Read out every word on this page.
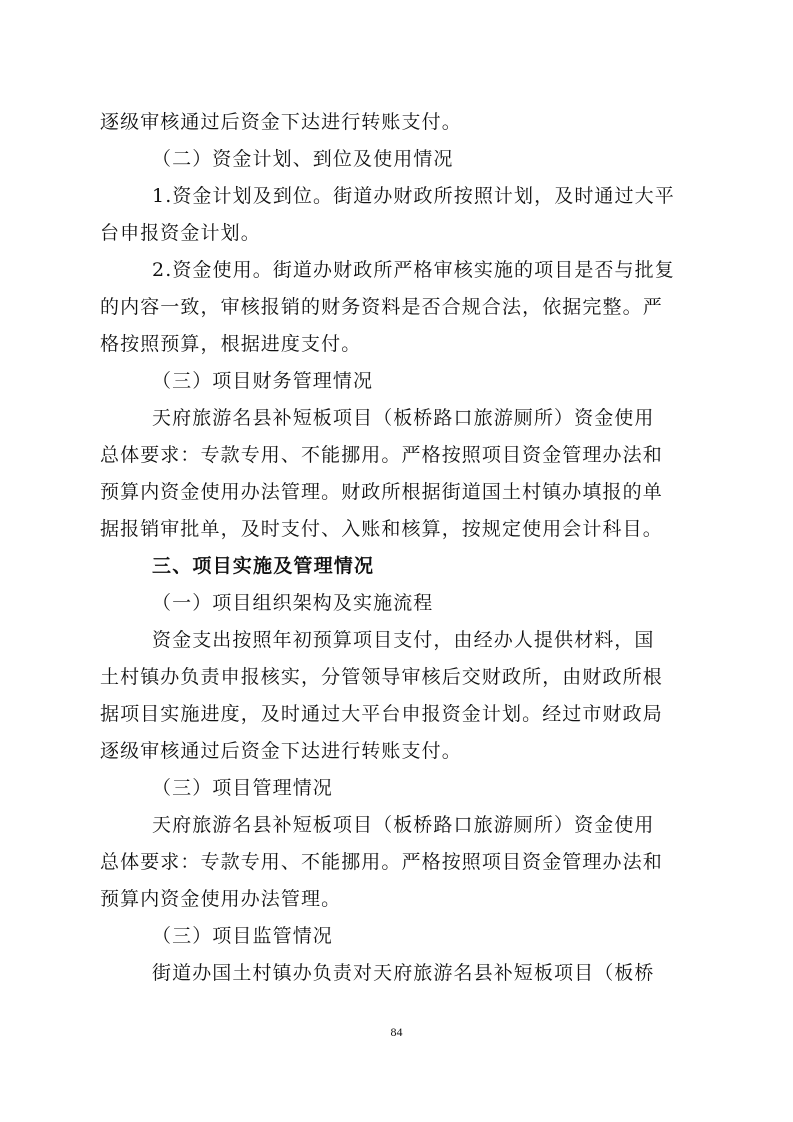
逐级审核通过后资金下达进行转账支付。
（二）资金计划、到位及使用情况
1.资金计划及到位。街道办财政所按照计划，及时通过大平
台申报资金计划。
2.资金使用。街道办财政所严格审核实施的项目是否与批复
的内容一致，审核报销的财务资料是否合规合法，依据完整。严
格按照预算，根据进度支付。
（三）项目财务管理情况
天府旅游名县补短板项目（板桥路口旅游厕所）资金使用
总体要求：专款专用、不能挪用。严格按照项目资金管理办法和
预算内资金使用办法管理。财政所根据街道国土村镇办填报的单
据报销审批单，及时支付、入账和核算，按规定使用会计科目。
三、项目实施及管理情况
（一）项目组织架构及实施流程
资金支出按照年初预算项目支付，由经办人提供材料，国
土村镇办负责申报核实，分管领导审核后交财政所，由财政所根
据项目实施进度，及时通过大平台申报资金计划。经过市财政局
逐级审核通过后资金下达进行转账支付。
（三）项目管理情况
天府旅游名县补短板项目（板桥路口旅游厕所）资金使用
总体要求：专款专用、不能挪用。严格按照项目资金管理办法和
预算内资金使用办法管理。
（三）项目监管情况
街道办国土村镇办负责对天府旅游名县补短板项目（板桥
84
